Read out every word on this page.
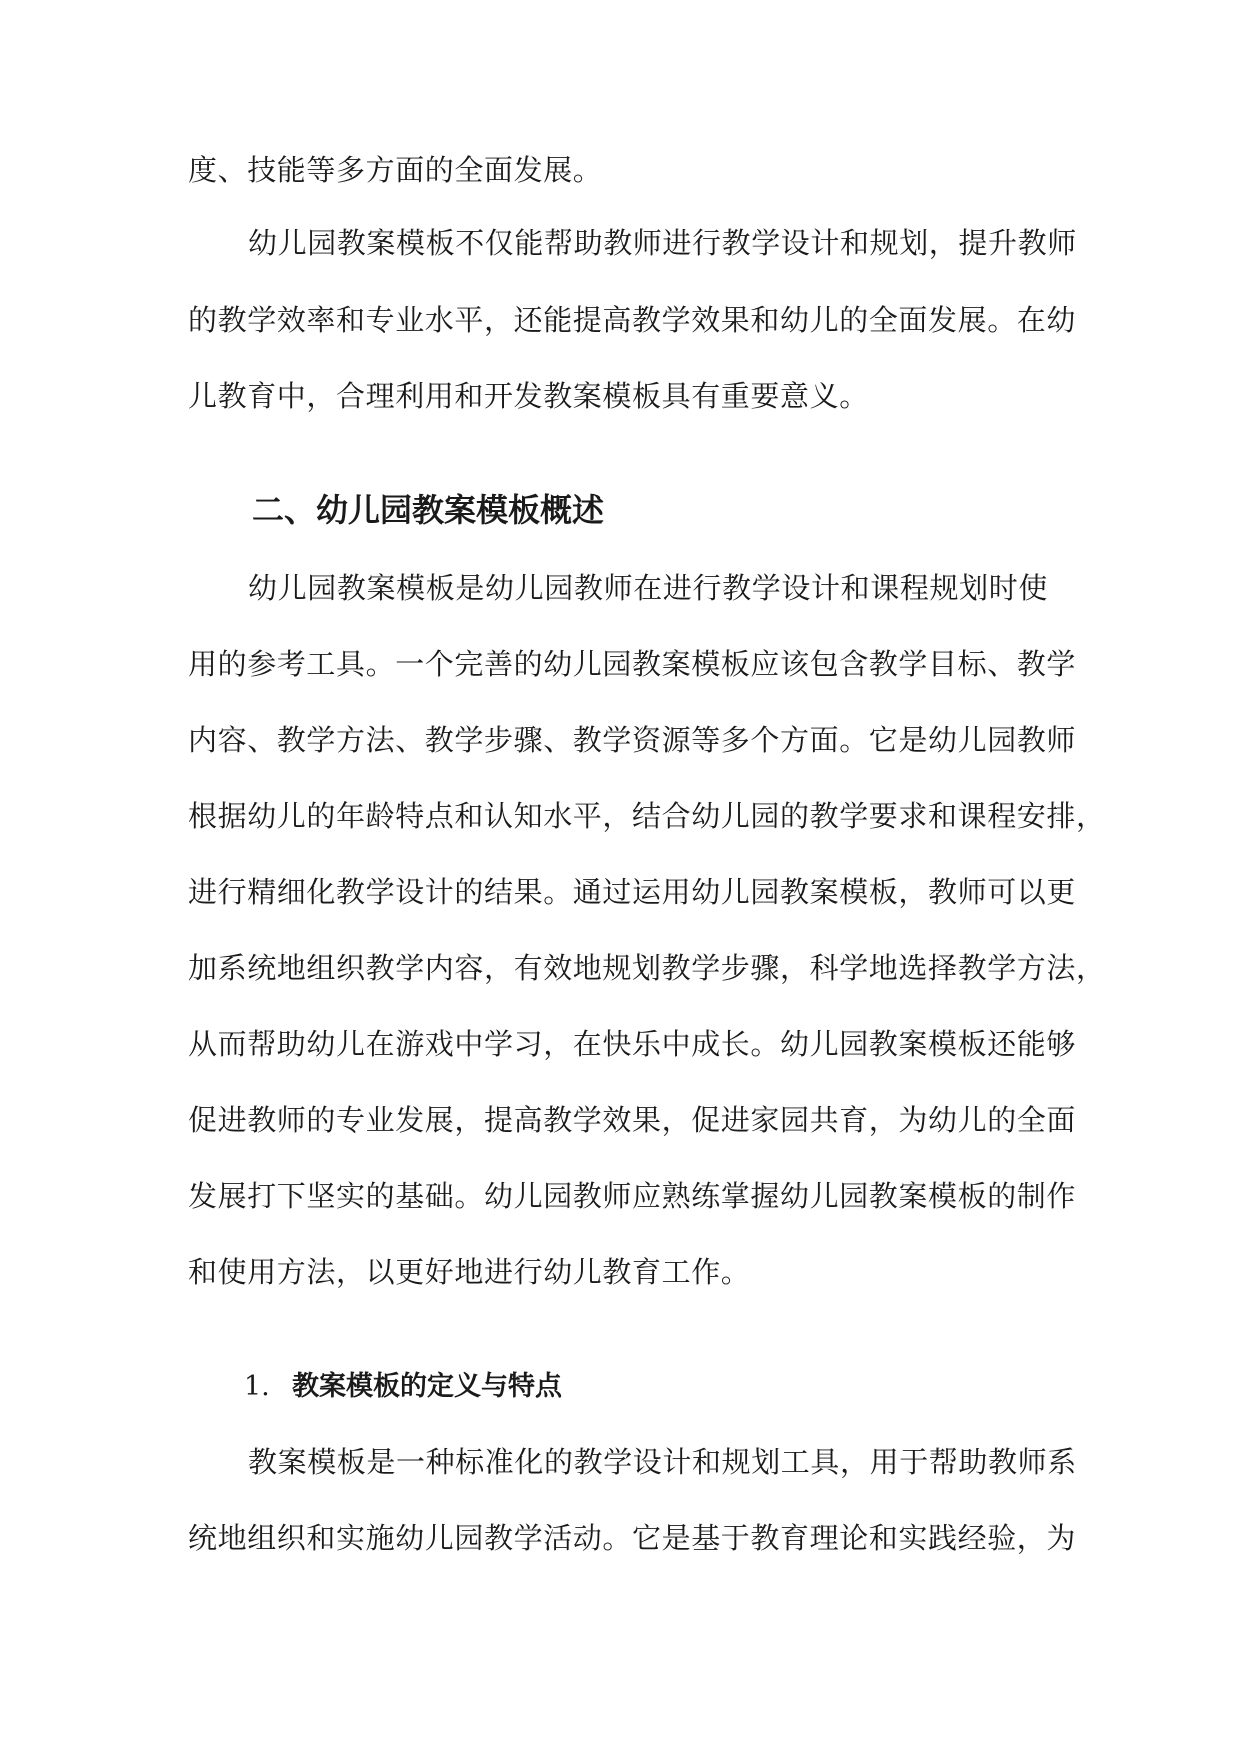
度、技能等多方面的全面发展。
幼儿园教案模板不仅能帮助教师进行教学设计和规划，提升教师
的教学效率和专业水平，还能提高教学效果和幼儿的全面发展。在幼
儿教育中，合理利用和开发教案模板具有重要意义。
二、幼儿园教案模板概述
幼儿园教案模板是幼儿园教师在进行教学设计和课程规划时使
用的参考工具。一个完善的幼儿园教案模板应该包含教学目标、教学
内容、教学方法、教学步骤、教学资源等多个方面。它是幼儿园教师
根据幼儿的年龄特点和认知水平，结合幼儿园的教学要求和课程安排，
进行精细化教学设计的结果。通过运用幼儿园教案模板，教师可以更
加系统地组织教学内容，有效地规划教学步骤，科学地选择教学方法，
从而帮助幼儿在游戏中学习，在快乐中成长。幼儿园教案模板还能够
促进教师的专业发展，提高教学效果，促进家园共育，为幼儿的全面
发展打下坚实的基础。幼儿园教师应熟练掌握幼儿园教案模板的制作
和使用方法，以更好地进行幼儿教育工作。
1. 教案模板的定义与特点
教案模板是一种标准化的教学设计和规划工具，用于帮助教师系
统地组织和实施幼儿园教学活动。它是基于教育理论和实践经验，为
